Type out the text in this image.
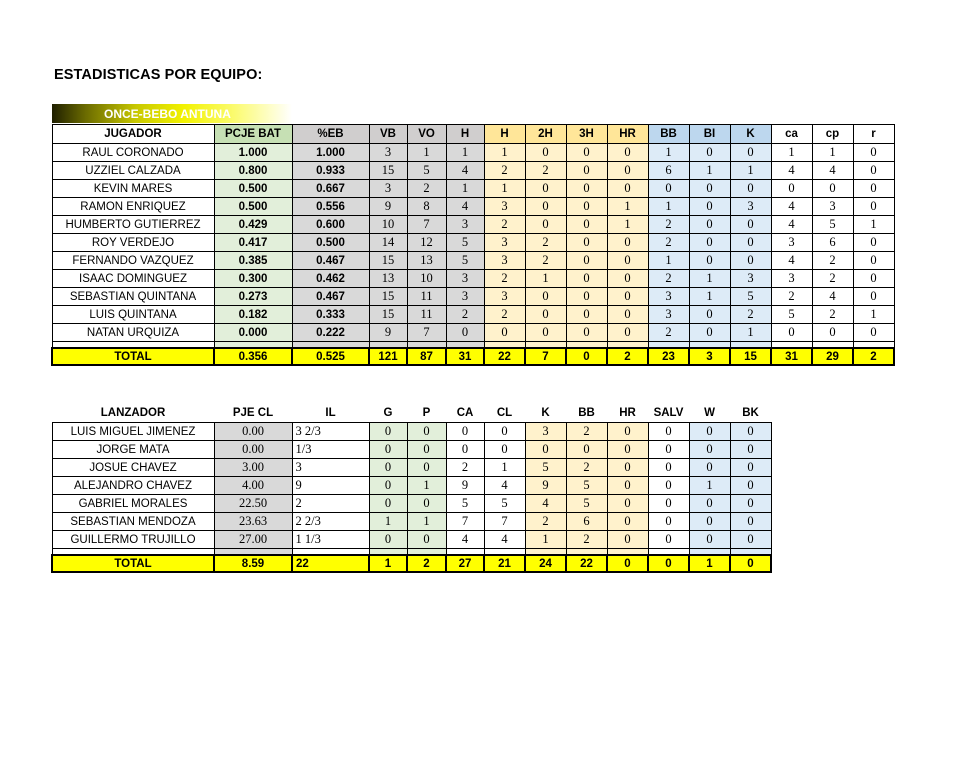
ESTADISTICAS POR EQUIPO:
ONCE-BEBO ANTUNA
JUGADOR	PCJE BAT	%EB	VB	VO	H	H	2H	3H	HR	BB	BI	K	ca	cp	r
RAUL CORONADO	1.000	1.000	3	1	1	1	0	0	0	1	0	0	1	1	0
UZZIEL CALZADA	0.800	0.933	15	5	4	2	2	0	0	6	1	1	4	4	0
KEVIN MARES	0.500	0.667	3	2	1	1	0	0	0	0	0	0	0	0	0
RAMON ENRIQUEZ	0.500	0.556	9	8	4	3	0	0	1	1	0	3	4	3	0
HUMBERTO GUTIERREZ	0.429	0.600	10	7	3	2	0	0	1	2	0	0	4	5	1
ROY VERDEJO	0.417	0.500	14	12	5	3	2	0	0	2	0	0	3	6	0
FERNANDO VAZQUEZ	0.385	0.467	15	13	5	3	2	0	0	1	0	0	4	2	0
ISAAC DOMINGUEZ	0.300	0.462	13	10	3	2	1	0	0	2	1	3	3	2	0
SEBASTIAN QUINTANA	0.273	0.467	15	11	3	3	0	0	0	3	1	5	2	4	0
LUIS QUINTANA	0.182	0.333	15	11	2	2	0	0	0	3	0	2	5	2	1
NATAN URQUIZA	0.000	0.222	9	7	0	0	0	0	0	2	0	1	0	0	0

TOTAL	0.356	0.525	121	87	31	22	7	0	2	23	3	15	31	29	2
LANZADOR	PJE CL	IL	G	P	CA	CL	K	BB	HR	SALV	W	BK
LUIS MIGUEL JIMENEZ	0.00	3 2/3	0	0	0	0	3	2	0	0	0	0
JORGE MATA	0.00	1/3	0	0	0	0	0	0	0	0	0	0
JOSUE CHAVEZ	3.00	3	0	0	2	1	5	2	0	0	0	0
ALEJANDRO CHAVEZ	4.00	9	0	1	9	4	9	5	0	0	1	0
GABRIEL MORALES	22.50	2	0	0	5	5	4	5	0	0	0	0
SEBASTIAN MENDOZA	23.63	2 2/3	1	1	7	7	2	6	0	0	0	0
GUILLERMO TRUJILLO	27.00	1 1/3	0	0	4	4	1	2	0	0	0	0

TOTAL	8.59	22	1	2	27	21	24	22	0	0	1	0
